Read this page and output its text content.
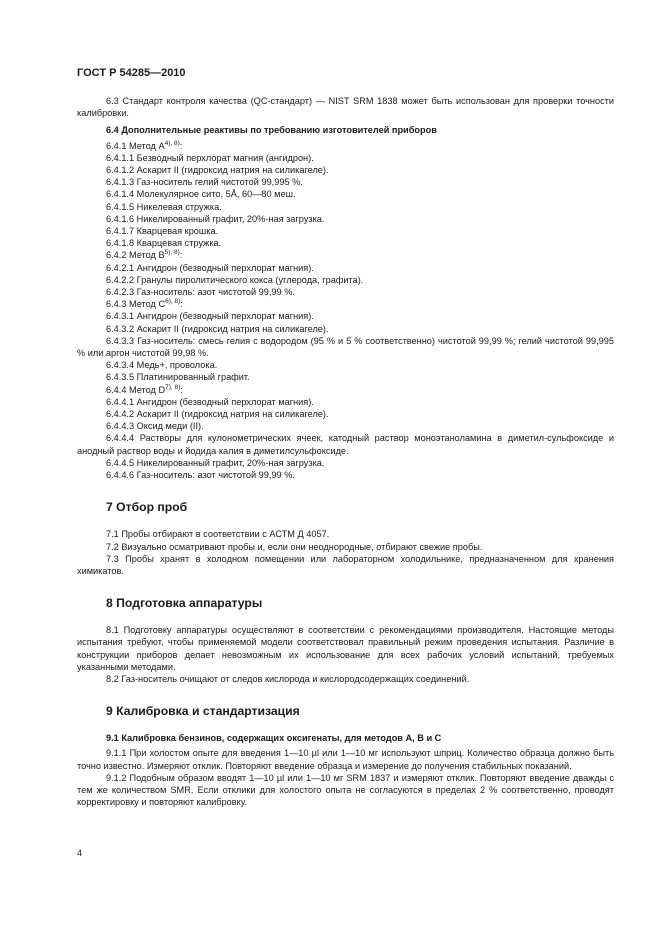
ГОСТ Р 54285—2010

6.3 Стандарт контроля качества (QC-стандарт) — NIST SRM 1838 может быть использован для проверки точности калибровки.

6.4 Дополнительные реактивы по требованию изготовителей приборов

6.4.1 Метод $А^{4), 8)}$:

6.4.1.1 Безводный перхлорат магния (ангидрон).

6.4.1.2 Аскарит II (гидроксид натрия на силикагеле).

6.4.1.3 Газ-носитель гелий чистотой 99,995 %.

6.4.1.4 Молекулярное сито, 5Å, 60—80 меш.

6.4.1.5 Никелевая стружка.

6.4.1.6 Никелированный графит, 20%-ная загрузка.

6.4.1.7 Кварцевая крошка.

6.4.1.8 Кварцевая стружка.

6.4.2 Метод $В^{5), 8)}$:

6.4.2.1 Ангидрон (безводный перхлорат магния).

6.4.2.2 Гранулы пиролитического кокса (углерода, графита).

6.4.2.3 Газ-носитель: азот чистотой 99,99 %.

6.4.3 Метод $С^{6), 8)}$:

6.4.3.1 Ангидрон (безводный перхлорат магния).

6.4.3.2 Аскарит II (гидроксид натрия на силикагеле).

6.4.3.3 Газ-носитель: смесь гелия с водородом (95 % и 5 % соответственно) чистотой 99,99 %; гелий чистотой 99,995 % или аргон чистотой 99,98 %.

6.4.3.4 Медь+, проволока.

6.4.3.5 Платинированный графит.

6.4.4 Метод $D^{7), 8)}$:

6.4.4.1 Ангидрон (безводный перхлорат магния).

6.4.4.2 Аскарит II (гидроксид натрия на силикагеле).

6.4.4.3 Оксид меди (II).

6.4.4.4 Растворы для кулонометрических ячеек, катодный раствор моноэтаноламина в диметил-сульфоксиде и анодный раствор воды и йодида калия в диметилсульфоксиде.

6.4.4.5 Никелированный графит, 20%-ная загрузка.

6.4.4.6 Газ-носитель: азот чистотой 99,99 %.

7 Отбор проб

7.1 Пробы отбирают в соответствии с АСТМ Д 4057.

7.2 Визуально осматривают пробы и, если они неоднородные, отбирают свежие пробы.

7.3 Пробы хранят в холодном помещении или лабораторном холодильнике, предназначенном для хранения химикатов.

8 Подготовка аппаратуры

8.1 Подготовку аппаратуры осуществляют в соответствии с рекомендациями производителя. Настоящие методы испытания требуют, чтобы применяемой модели соответствовал правильный режим проведения испытания. Различие в конструкции приборов делает невозможным их использование для всех рабочих условий испытаний, требуемых указанными методами.

8.2 Газ-носитель очищают от следов кислорода и кислородсодержащих соединений.

9 Калибровка и стандартизация

9.1 Калибровка бензинов, содержащих оксигенаты, для методов А, В и С

9.1.1 При холостом опыте для введения 1—10 µl или 1—10 мг используют шприц. Количество образца должно быть точно известно. Измеряют отклик. Повторяют введение образца и измерение до получения стабильных показаний.

9.1.2 Подобным образом вводят 1—10 µl или 1—10 мг SRM 1837 и измеряют отклик. Повторяют введение дважды с тем же количеством SMR. Если отклики для холостого опыта не согласуются в пределах 2 % соответственно, проводят корректировку и повторяют калибровку.

4
